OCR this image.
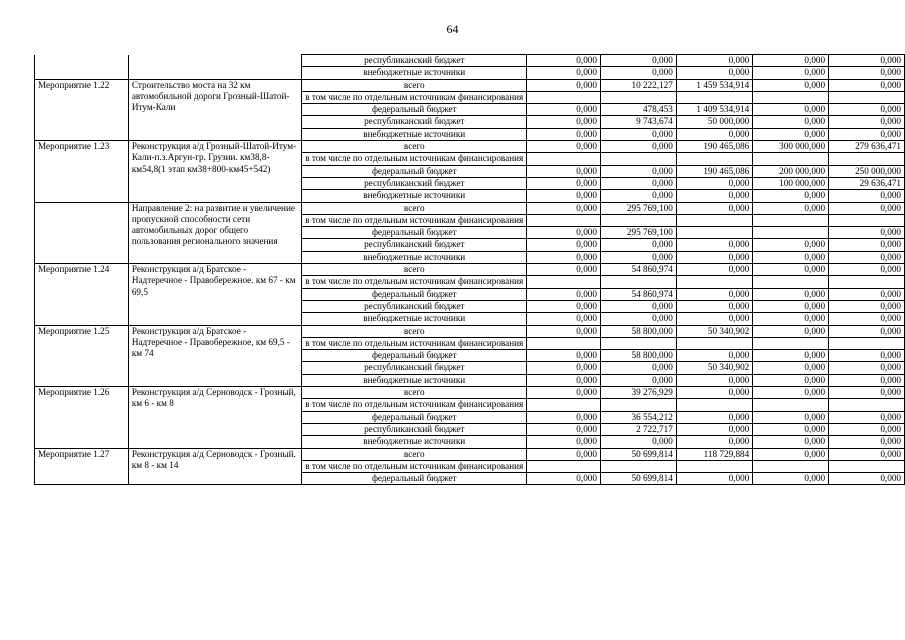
64
		республиканский бюджет	0,000	0,000	0,000	0,000	0,000
		внебюджетные источники	0,000	0,000	0,000	0,000	0,000
Мероприятие 1.22	Строительство моста на 32 км автомобильной дороги Грозный-Шатой-Итум-Кали	всего	0,000	10 222,127	1 459 534,914	0,000	0,000
		в том числе по отдельным источникам финансирования					
		федеральный бюджет	0,000	478,453	1 409 534,914	0,000	0,000
		республиканский бюджет	0,000	9 743,674	50 000,000	0,000	0,000
		внебюджетные источники	0,000	0,000	0,000	0,000	0,000
Мероприятие 1.23	Реконструкция а/д Грозный-Шатой-Итум-Кали-п.з.Аргун-гр. Грузии. км38,8-км54,8(1 этап км38+800-км45+542)	всего	0,000	0,000	190 465,086	300 000,000	279 636,471
		в том числе по отдельным источникам финансирования					
		федеральный бюджет	0,000	0,000	190 465,086	200 000,000	250 000,000
		республиканский бюджет	0,000	0,000	0,000	100 000,000	29 636,471
		внебюджетные источники	0,000	0,000	0,000	0,000	0,000
	Направление 2: на развитие и увеличение пропускной способности сети автомобильных дорог общего пользования регионального значения	всего	0,000	295 769,100	0,000	0,000	0,000
		в том числе по отдельным источникам финансирования					
		федеральный бюджет	0,000	295 769,100			0,000
		республиканский бюджет	0,000	0,000	0,000	0,000	0,000
		внебюджетные источники	0,000	0,000	0,000	0,000	0,000
Мероприятие 1.24	Реконструкция а/д Братское - Надтеречное - Правобережное. км 67 - км 69,5	всего	0,000	54 860,974	0,000	0,000	0,000
		в том числе по отдельным источникам финансирования					
		федеральный бюджет	0,000	54 860,974	0,000	0,000	0,000
		республиканский бюджет	0,000	0,000	0,000	0,000	0,000
		внебюджетные источники	0,000	0,000	0,000	0,000	0,000
Мероприятие 1.25	Реконструкция а/д Братское - Надтеречное - Правобережное, км 69,5 - км 74	всего	0,000	58 800,000	50 340,902	0,000	0,000
		в том числе по отдельным источникам финансирования					
		федеральный бюджет	0,000	58 800,000	0,000	0,000	0,000
		республиканский бюджет	0,000	0,000	50 340,902	0,000	0,000
		внебюджетные источники	0,000	0,000	0,000	0,000	0,000
Мероприятие 1.26	Реконструкция а/д Серноводск - Грозный, км 6 - км 8	всего	0,000	39 276,929	0,000	0,000	0,000
		в том числе по отдельным источникам финансирования					
		федеральный бюджет	0,000	36 554,212	0,000	0,000	0,000
		республиканский бюджет	0,000	2 722,717	0,000	0,000	0,000
		внебюджетные источники	0,000	0,000	0,000	0,000	0,000
Мероприятие 1.27	Реконструкция а/д Серноводск - Грозный. км 8 - км 14	всего	0,000	50 699,814	118 729,884	0,000	0,000
		в том числе по отдельным источникам финансирования					
		федеральный бюджет	0,000	50 699,814	0,000	0,000	0,000
